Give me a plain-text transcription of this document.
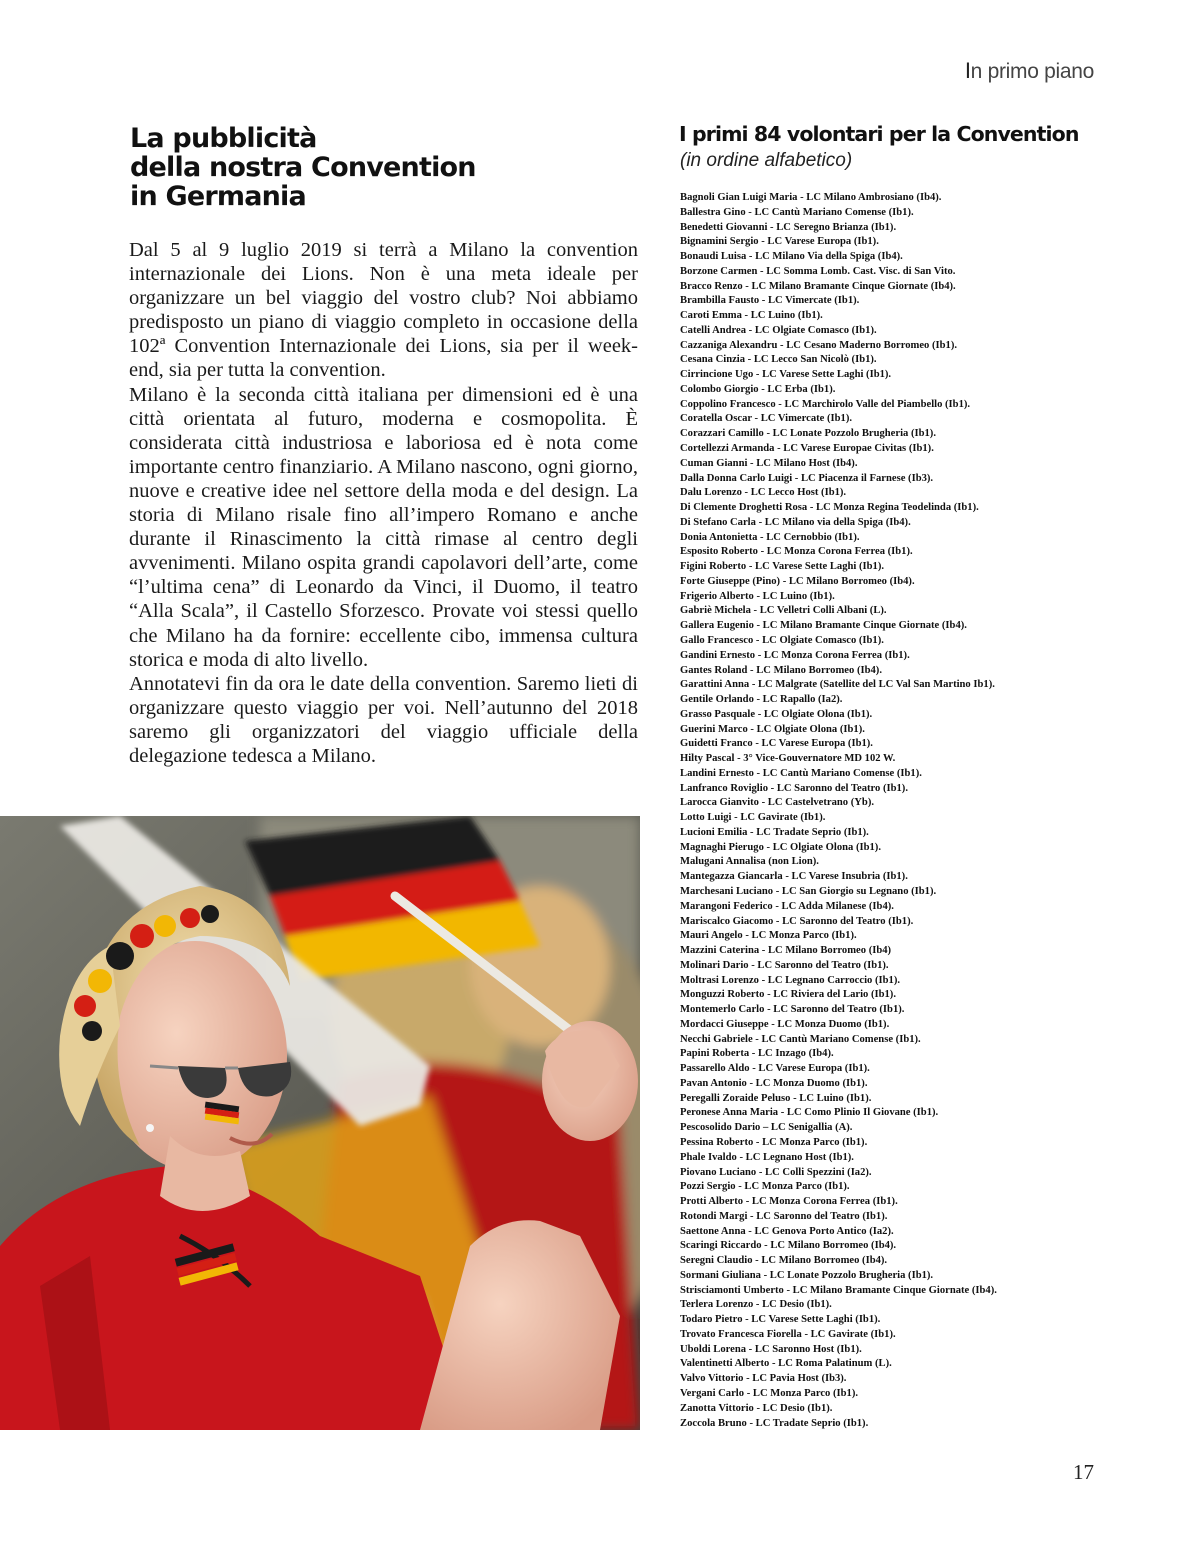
In primo piano
La pubblicità
della nostra Convention
in Germania

Dal 5 al 9 luglio 2019 si terrà a Milano la convention internazionale dei Lions. Non è una meta ideale per organizzare un bel viaggio del vostro club? Noi abbiamo predisposto un piano di viaggio completo in occasione della 102ª Convention Internazionale dei Lions, sia per il week-end, sia per tutta la convention.

Milano è la seconda città italiana per dimensioni ed è una città orientata al futuro, moderna e cosmopolita. È considerata città industriosa e laboriosa ed è nota come importante centro finanziario. A Milano nascono, ogni giorno, nuove e creative idee nel settore della moda e del design. La storia di Milano risale fino all’impero Romano e anche durante il Rinascimento la città rimase al centro degli avvenimenti. Milano ospita grandi capolavori dell’arte, come “l’ultima cena” di Leonardo da Vinci, il Duomo, il teatro “Alla Scala”, il Castello Sforzesco. Provate voi stessi quello che Milano ha da fornire: eccellente cibo, immensa cultura storica e moda di alto livello.

Annotatevi fin da ora le date della convention. Saremo lieti di organizzare questo viaggio per voi. Nell’autunno del 2018 saremo gli organizzatori del viaggio ufficiale della delegazione tedesca a Milano.

I primi 84 volontari per la Convention
(in ordine alfabetico)
Bagnoli Gian Luigi Maria - LC Milano Ambrosiano (Ib4).
Ballestra Gino - LC Cantù Mariano Comense (Ib1).
Benedetti Giovanni - LC Seregno Brianza (Ib1).
Bignamini Sergio - LC Varese Europa (Ib1).
Bonaudi Luisa - LC Milano Via della Spiga (Ib4).
Borzone Carmen - LC Somma Lomb. Cast. Visc. di San Vito.
Bracco Renzo - LC Milano Bramante Cinque Giornate (Ib4).
Brambilla Fausto - LC Vimercate (Ib1).
Caroti Emma - LC Luino (Ib1).
Catelli Andrea - LC Olgiate Comasco (Ib1).
Cazzaniga Alexandru - LC Cesano Maderno Borromeo (Ib1).
Cesana Cinzia - LC Lecco San Nicolò (Ib1).
Cirrincione Ugo - LC Varese Sette Laghi (Ib1).
Colombo Giorgio - LC Erba (Ib1).
Coppolino Francesco - LC Marchirolo Valle del Piambello (Ib1).
Coratella Oscar - LC Vimercate (Ib1).
Corazzari Camillo - LC Lonate Pozzolo Brugheria (Ib1).
Cortellezzi Armanda - LC Varese Europae Civitas (Ib1).
Cuman Gianni - LC Milano Host (Ib4).
Dalla Donna Carlo Luigi - LC Piacenza il Farnese (Ib3).
Dalu Lorenzo - LC Lecco Host (Ib1).
Di Clemente Droghetti Rosa - LC Monza Regina Teodelinda (Ib1).
Di Stefano Carla - LC Milano via della Spiga (Ib4).
Donia Antonietta - LC Cernobbio (Ib1).
Esposito Roberto - LC Monza Corona Ferrea (Ib1).
Figini Roberto - LC Varese Sette Laghi (Ib1).
Forte Giuseppe (Pino) - LC Milano Borromeo (Ib4).
Frigerio Alberto - LC Luino (Ib1).
Gabriè Michela - LC Velletri Colli Albani (L).
Gallera Eugenio - LC Milano Bramante Cinque Giornate (Ib4).
Gallo Francesco - LC Olgiate Comasco (Ib1).
Gandini Ernesto - LC Monza Corona Ferrea (Ib1).
Gantes Roland - LC Milano Borromeo (Ib4).
Garattini Anna - LC Malgrate (Satellite del LC Val San Martino Ib1).
Gentile Orlando - LC Rapallo (Ia2).
Grasso Pasquale - LC Olgiate Olona (Ib1).
Guerini Marco - LC Olgiate Olona (Ib1).
Guidetti Franco - LC Varese Europa (Ib1).
Hilty Pascal - 3° Vice-Gouvernatore MD 102 W.
Landini Ernesto - LC Cantù Mariano Comense (Ib1).
Lanfranco Roviglio - LC Saronno del Teatro (Ib1).
Larocca Gianvito - LC Castelvetrano (Yb).
Lotto Luigi - LC Gavirate (Ib1).
Lucioni Emilia - LC Tradate Seprio (Ib1).
Magnaghi Pierugo - LC Olgiate Olona (Ib1).
Malugani Annalisa (non Lion).
Mantegazza Giancarla - LC Varese Insubria (Ib1).
Marchesani Luciano - LC San Giorgio su Legnano (Ib1).
Marangoni Federico - LC Adda Milanese (Ib4).
Mariscalco Giacomo - LC Saronno del Teatro (Ib1).
Mauri Angelo - LC Monza Parco (Ib1).
Mazzini Caterina - LC Milano Borromeo (Ib4)
Molinari Dario - LC Saronno del Teatro (Ib1).
Moltrasi Lorenzo - LC Legnano Carroccio (Ib1).
Monguzzi Roberto - LC Riviera del Lario (Ib1).
Montemerlo Carlo - LC Saronno del Teatro (Ib1).
Mordacci Giuseppe - LC Monza Duomo (Ib1).
Necchi Gabriele - LC Cantù Mariano Comense (Ib1).
Papini Roberta - LC Inzago (Ib4).
Passarello Aldo - LC Varese Europa (Ib1).
Pavan Antonio - LC Monza Duomo (Ib1).
Peregalli Zoraide Peluso - LC Luino (Ib1).
Peronese Anna Maria - LC Como Plinio Il Giovane (Ib1).
Pescosolido Dario – LC Senigallia (A).
Pessina Roberto - LC Monza Parco (Ib1).
Phale Ivaldo - LC Legnano Host (Ib1).
Piovano Luciano - LC Colli Spezzini (Ia2).
Pozzi Sergio - LC Monza Parco (Ib1).
Protti Alberto - LC Monza Corona Ferrea (Ib1).
Rotondi Margi - LC Saronno del Teatro (Ib1).
Saettone Anna - LC Genova Porto Antico (Ia2).
Scaringi Riccardo - LC Milano Borromeo (Ib4).
Seregni Claudio - LC Milano Borromeo (Ib4).
Sormani Giuliana - LC Lonate Pozzolo Brugheria (Ib1).
Strisciamonti Umberto - LC Milano Bramante Cinque Giornate (Ib4).
Terlera Lorenzo - LC Desio (Ib1).
Todaro Pietro - LC Varese Sette Laghi (Ib1).
Trovato Francesca Fiorella - LC Gavirate (Ib1).
Uboldi Lorena - LC Saronno Host (Ib1).
Valentinetti Alberto - LC Roma Palatinum (L).
Valvo Vittorio - LC Pavia Host (Ib3).
Vergani Carlo - LC Monza Parco (Ib1).
Zanotta Vittorio - LC Desio (Ib1).
Zoccola Bruno - LC Tradate Seprio (Ib1).
17
